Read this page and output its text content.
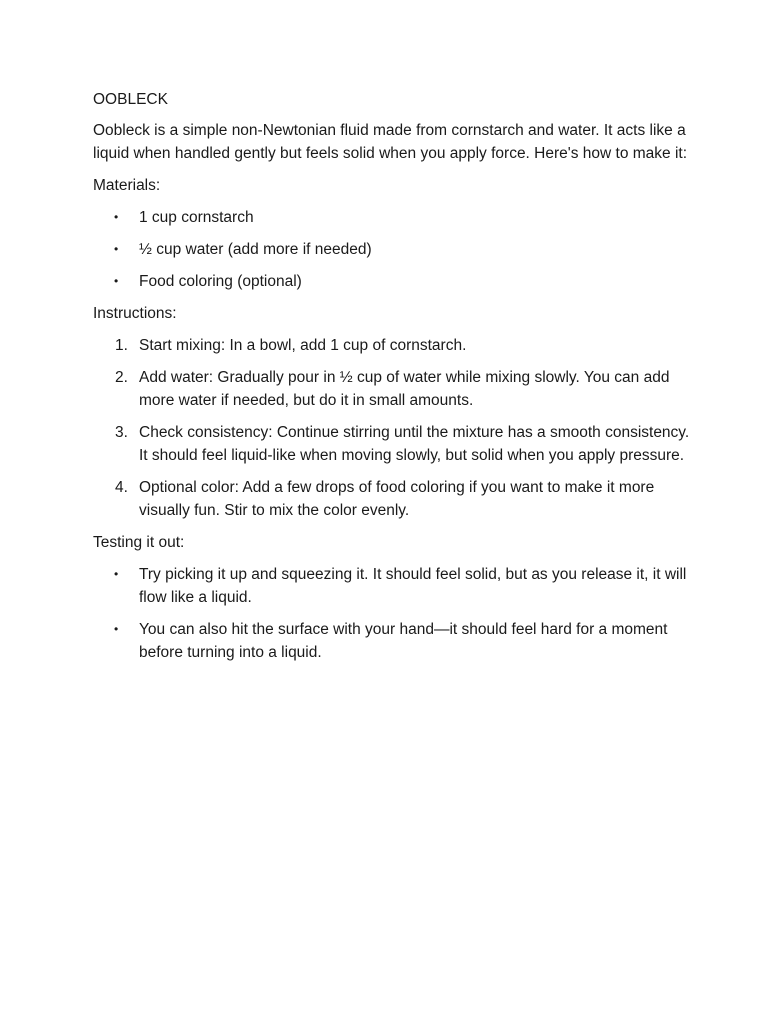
OOBLECK

Oobleck is a simple non-Newtonian fluid made from cornstarch and water. It acts like a liquid when handled gently but feels solid when you apply force. Here's how to make it:

Materials:

• 1 cup cornstarch
• ½ cup water (add more if needed)
• Food coloring (optional)

Instructions:

1. Start mixing: In a bowl, add 1 cup of cornstarch.
2. Add water: Gradually pour in ½ cup of water while mixing slowly. You can add more water if needed, but do it in small amounts.
3. Check consistency: Continue stirring until the mixture has a smooth consistency. It should feel liquid-like when moving slowly, but solid when you apply pressure.
4. Optional color: Add a few drops of food coloring if you want to make it more visually fun. Stir to mix the color evenly.

Testing it out:

• Try picking it up and squeezing it. It should feel solid, but as you release it, it will flow like a liquid.
• You can also hit the surface with your hand—it should feel hard for a moment before turning into a liquid.
